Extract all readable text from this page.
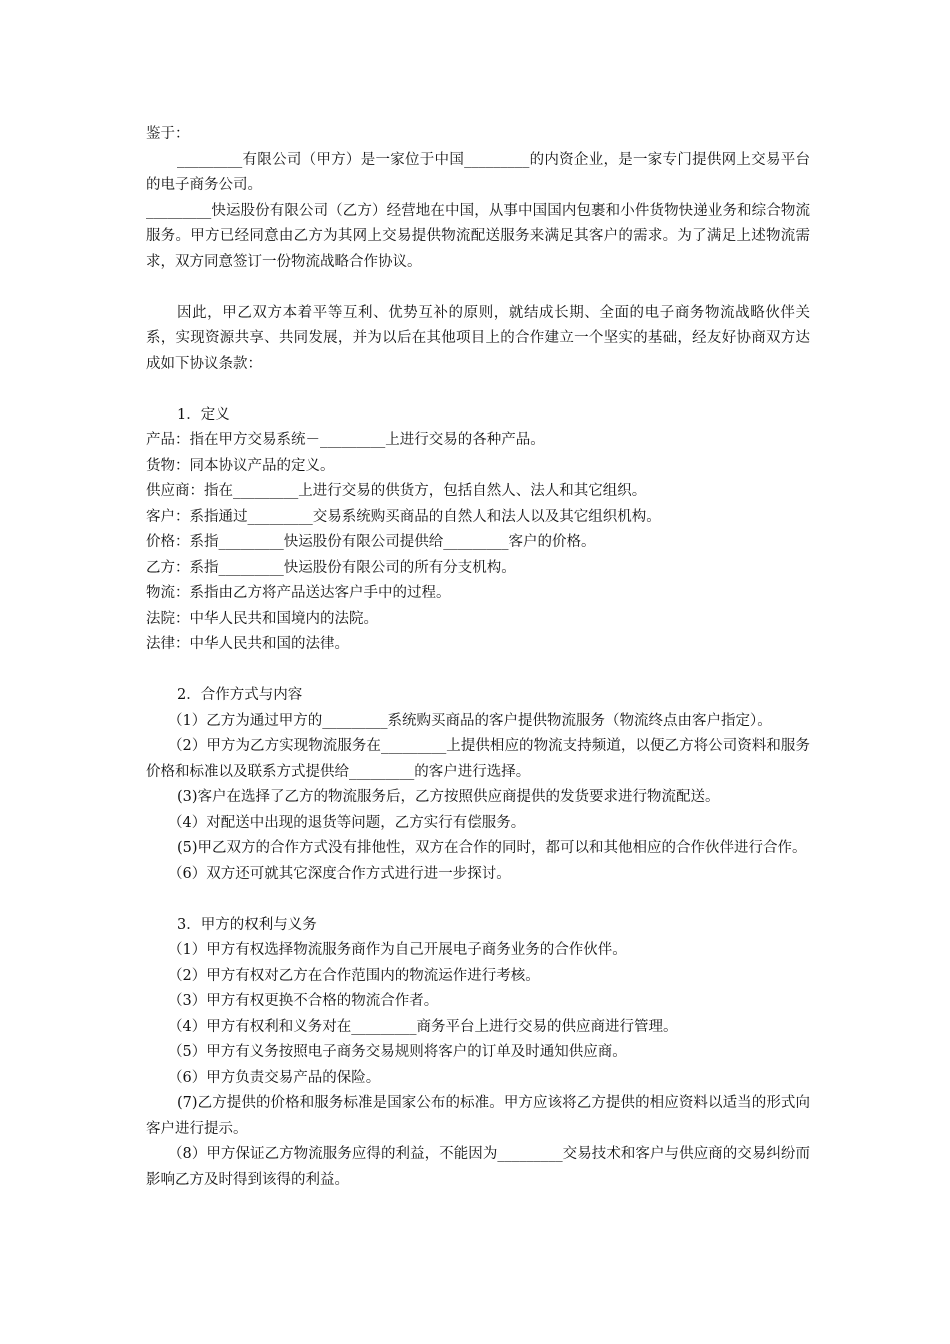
鉴于：

_________有限公司（甲方）是一家位于中国_________的内资企业，是一家专门提供网上交易平台的电子商务公司。

_________快运股份有限公司（乙方）经营地在中国，从事中国国内包裹和小件货物快递业务和综合物流服务。甲方已经同意由乙方为其网上交易提供物流配送服务来满足其客户的需求。为了满足上述物流需求，双方同意签订一份物流战略合作协议。

因此，甲乙双方本着平等互利、优势互补的原则，就结成长期、全面的电子商务物流战略伙伴关系，实现资源共享、共同发展，并为以后在其他项目上的合作建立一个坚实的基础，经友好协商双方达成如下协议条款：

1．定义

产品：指在甲方交易系统－_________上进行交易的各种产品。

货物：同本协议产品的定义。

供应商：指在_________上进行交易的供货方，包括自然人、法人和其它组织。

客户：系指通过_________交易系统购买商品的自然人和法人以及其它组织机构。

价格：系指_________快运股份有限公司提供给_________客户的价格。

乙方：系指_________快运股份有限公司的所有分支机构。

物流：系指由乙方将产品送达客户手中的过程。

法院：中华人民共和国境内的法院。

法律：中华人民共和国的法律。

2．合作方式与内容

（1）乙方为通过甲方的_________系统购买商品的客户提供物流服务（物流终点由客户指定）。

（2）甲方为乙方实现物流服务在_________上提供相应的物流支持频道，以便乙方将公司资料和服务价格和标准以及联系方式提供给_________的客户进行选择。

(3)客户在选择了乙方的物流服务后，乙方按照供应商提供的发货要求进行物流配送。

（4）对配送中出现的退货等问题，乙方实行有偿服务。

(5)甲乙双方的合作方式没有排他性，双方在合作的同时，都可以和其他相应的合作伙伴进行合作。

（6）双方还可就其它深度合作方式进行进一步探讨。

3．甲方的权利与义务

（1）甲方有权选择物流服务商作为自己开展电子商务业务的合作伙伴。

（2）甲方有权对乙方在合作范围内的物流运作进行考核。

（3）甲方有权更换不合格的物流合作者。

（4）甲方有权利和义务对在_________商务平台上进行交易的供应商进行管理。

（5）甲方有义务按照电子商务交易规则将客户的订单及时通知供应商。

（6）甲方负责交易产品的保险。

(7)乙方提供的价格和服务标准是国家公布的标准。甲方应该将乙方提供的相应资料以适当的形式向客户进行提示。

（8）甲方保证乙方物流服务应得的利益，不能因为_________交易技术和客户与供应商的交易纠纷而影响乙方及时得到该得的利益。
